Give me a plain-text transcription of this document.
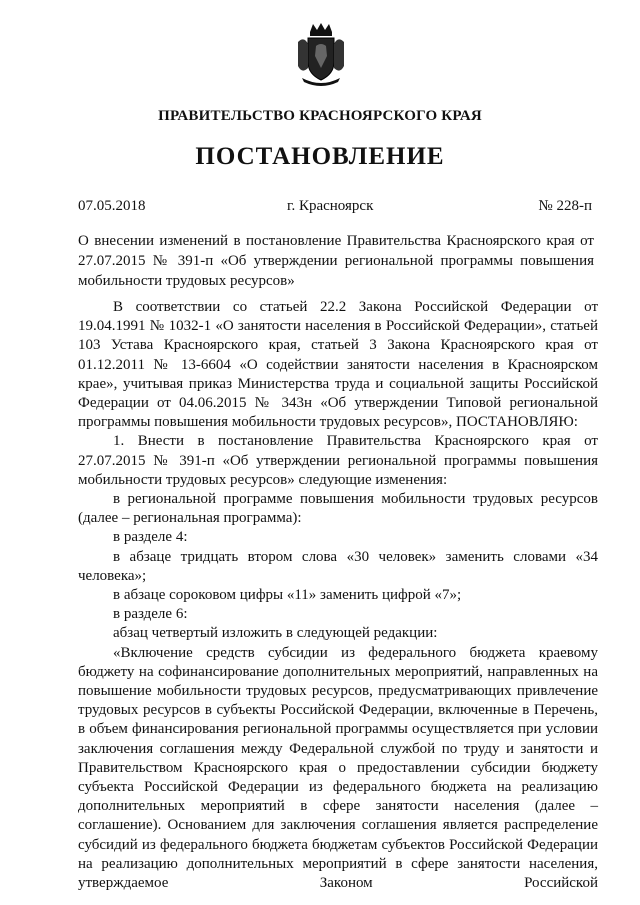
ПРАВИТЕЛЬСТВО КРАСНОЯРСКОГО КРАЯ
ПОСТАНОВЛЕНИЕ
07.05.2018	г. Красноярск	№ 228-п
О внесении изменений в постановление Правительства Красноярского края от 27.07.2015 № 391-п «Об утверждении региональной программы повышения мобильности трудовых ресурсов»

В соответствии со статьей 22.2 Закона Российской Федерации от 19.04.1991 № 1032-1 «О занятости населения в Российской Федерации», статьей 103 Устава Красноярского края, статьей 3 Закона Красноярского края от 01.12.2011 № 13-6604 «О содействии занятости населения в Красноярском крае», учитывая приказ Министерства труда и социальной защиты Российской Федерации от 04.06.2015 № 343н «Об утверждении Типовой региональной программы повышения мобильности трудовых ресурсов», ПОСТАНОВЛЯЮ:

1. Внести в постановление Правительства Красноярского края от 27.07.2015 № 391-п «Об утверждении региональной программы повышения мобильности трудовых ресурсов» следующие изменения:

в региональной программе повышения мобильности трудовых ресурсов (далее – региональная программа):

в разделе 4:

в абзаце тридцать втором слова «30 человек» заменить словами «34 человека»;

в абзаце сороковом цифры «11» заменить цифрой «7»;

в разделе 6:

абзац четвертый изложить в следующей редакции:

«Включение средств субсидии из федерального бюджета краевому бюджету на софинансирование дополнительных мероприятий, направленных на повышение мобильности трудовых ресурсов, предусматривающих привлечение трудовых ресурсов в субъекты Российской Федерации, включенные в Перечень, в объем финансирования региональной программы осуществляется при условии заключения соглашения между Федеральной службой по труду и занятости и Правительством Красноярского края о предоставлении субсидии бюджету субъекта Российской Федерации из федерального бюджета на реализацию дополнительных мероприятий в сфере занятости населения (далее – соглашение). Основанием для заключения соглашения является распределение субсидий из федерального бюджета бюджетам субъектов Российской Федерации на реализацию дополнительных мероприятий в сфере занятости населения, утверждаемое Законом Российской
